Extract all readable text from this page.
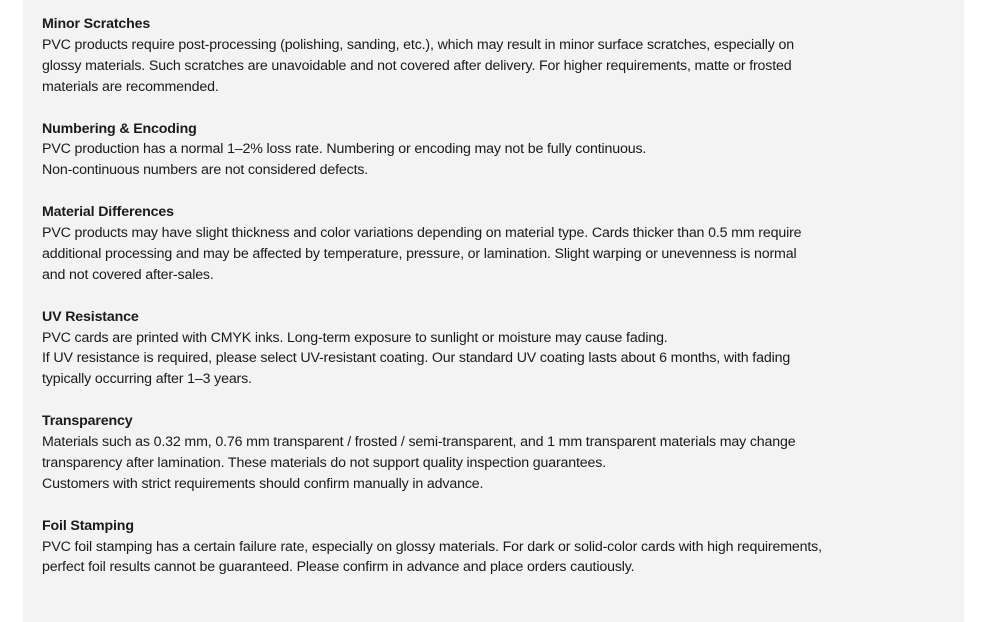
Minor Scratches
PVC products require post-processing (polishing, sanding, etc.), which may result in minor surface scratches, especially on
glossy materials. Such scratches are unavoidable and not covered after delivery. For higher requirements, matte or frosted
materials are recommended.
Numbering & Encoding
PVC production has a normal 1–2% loss rate. Numbering or encoding may not be fully continuous.
Non-continuous numbers are not considered defects.
Material Differences
PVC products may have slight thickness and color variations depending on material type. Cards thicker than 0.5 mm require
additional processing and may be affected by temperature, pressure, or lamination. Slight warping or unevenness is normal
and not covered after-sales.
UV Resistance
PVC cards are printed with CMYK inks. Long-term exposure to sunlight or moisture may cause fading.
If UV resistance is required, please select UV-resistant coating. Our standard UV coating lasts about 6 months, with fading
typically occurring after 1–3 years.
Transparency
Materials such as 0.32 mm, 0.76 mm transparent / frosted / semi-transparent, and 1 mm transparent materials may change
transparency after lamination. These materials do not support quality inspection guarantees.
Customers with strict requirements should confirm manually in advance.
Foil Stamping
PVC foil stamping has a certain failure rate, especially on glossy materials. For dark or solid-color cards with high requirements,
perfect foil results cannot be guaranteed. Please confirm in advance and place orders cautiously.
